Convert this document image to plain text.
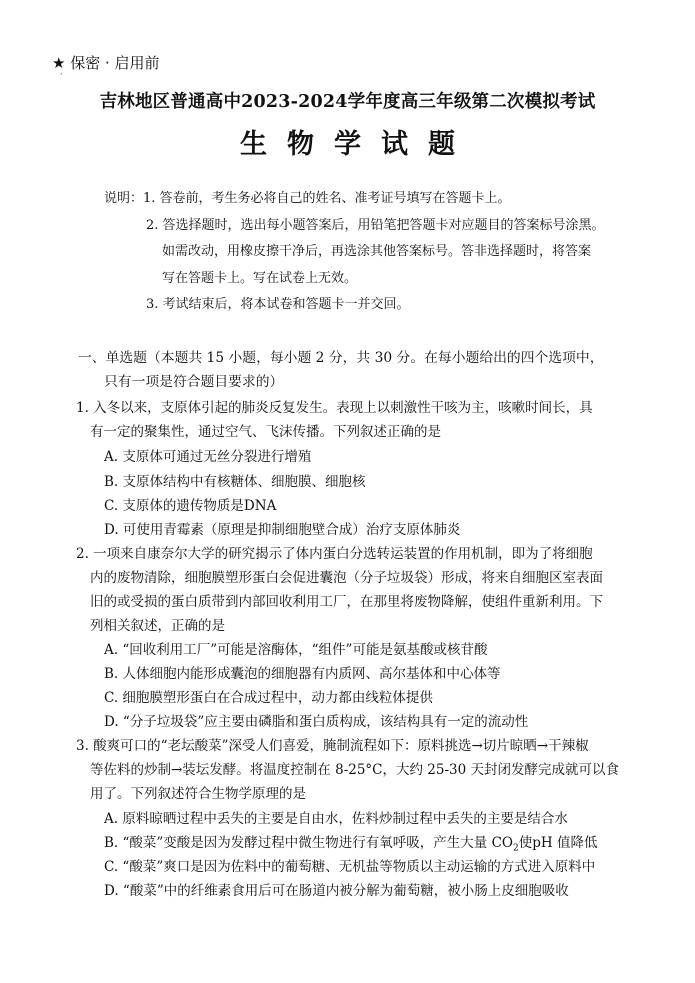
★ 保密 · 启用前
·
吉林地区普通高中2023-2024学年度高三年级第二次模拟考试
生物学试题
说明：1. 答卷前，考生务必将自己的姓名、准考证号填写在答题卡上。
2. 答选择题时，选出每小题答案后，用铅笔把答题卡对应题目的答案标号涂黑。
如需改动，用橡皮擦干净后，再选涂其他答案标号。答非选择题时，将答案
写在答题卡上。写在试卷上无效。
3. 考试结束后，将本试卷和答题卡一并交回。
一、单选题（本题共 15 小题，每小题 2 分，共 30 分。在每小题给出的四个选项中，
只有一项是符合题目要求的）
1. 入冬以来，支原体引起的肺炎反复发生。表现上以刺激性干咳为主，咳嗽时间长，具
有一定的聚集性，通过空气、飞沫传播。下列叙述正确的是
A. 支原体可通过无丝分裂进行增殖
B. 支原体结构中有核糖体、细胞膜、细胞核
C. 支原体的遗传物质是DNA
D. 可使用青霉素（原理是抑制细胞壁合成）治疗支原体肺炎
2. 一项来自康奈尔大学的研究揭示了体内蛋白分选转运装置的作用机制，即为了将细胞
内的废物清除，细胞膜塑形蛋白会促进囊泡（分子垃圾袋）形成，将来自细胞区室表面
旧的或受损的蛋白质带到内部回收利用工厂，在那里将废物降解，使组件重新利用。下
列相关叙述，正确的是
A. “回收利用工厂”可能是溶酶体，“组件”可能是氨基酸或核苷酸
B. 人体细胞内能形成囊泡的细胞器有内质网、高尔基体和中心体等
C. 细胞膜塑形蛋白在合成过程中，动力都由线粒体提供
D. “分子垃圾袋”应主要由磷脂和蛋白质构成，该结构具有一定的流动性
3. 酸爽可口的“老坛酸菜”深受人们喜爱，腌制流程如下：原料挑选→切片晾晒→干辣椒
等佐料的炒制→装坛发酵。将温度控制在 8-25°C，大约 25-30 天封闭发酵完成就可以食
用了。下列叙述符合生物学原理的是
A. 原料晾晒过程中丢失的主要是自由水，佐料炒制过程中丢失的主要是结合水
B. “酸菜”变酸是因为发酵过程中微生物进行有氧呼吸，产生大量 $CO_2$使pH 值降低
C. “酸菜”爽口是因为佐料中的葡萄糖、无机盐等物质以主动运输的方式进入原料中
D. “酸菜”中的纤维素食用后可在肠道内被分解为葡萄糖，被小肠上皮细胞吸收
